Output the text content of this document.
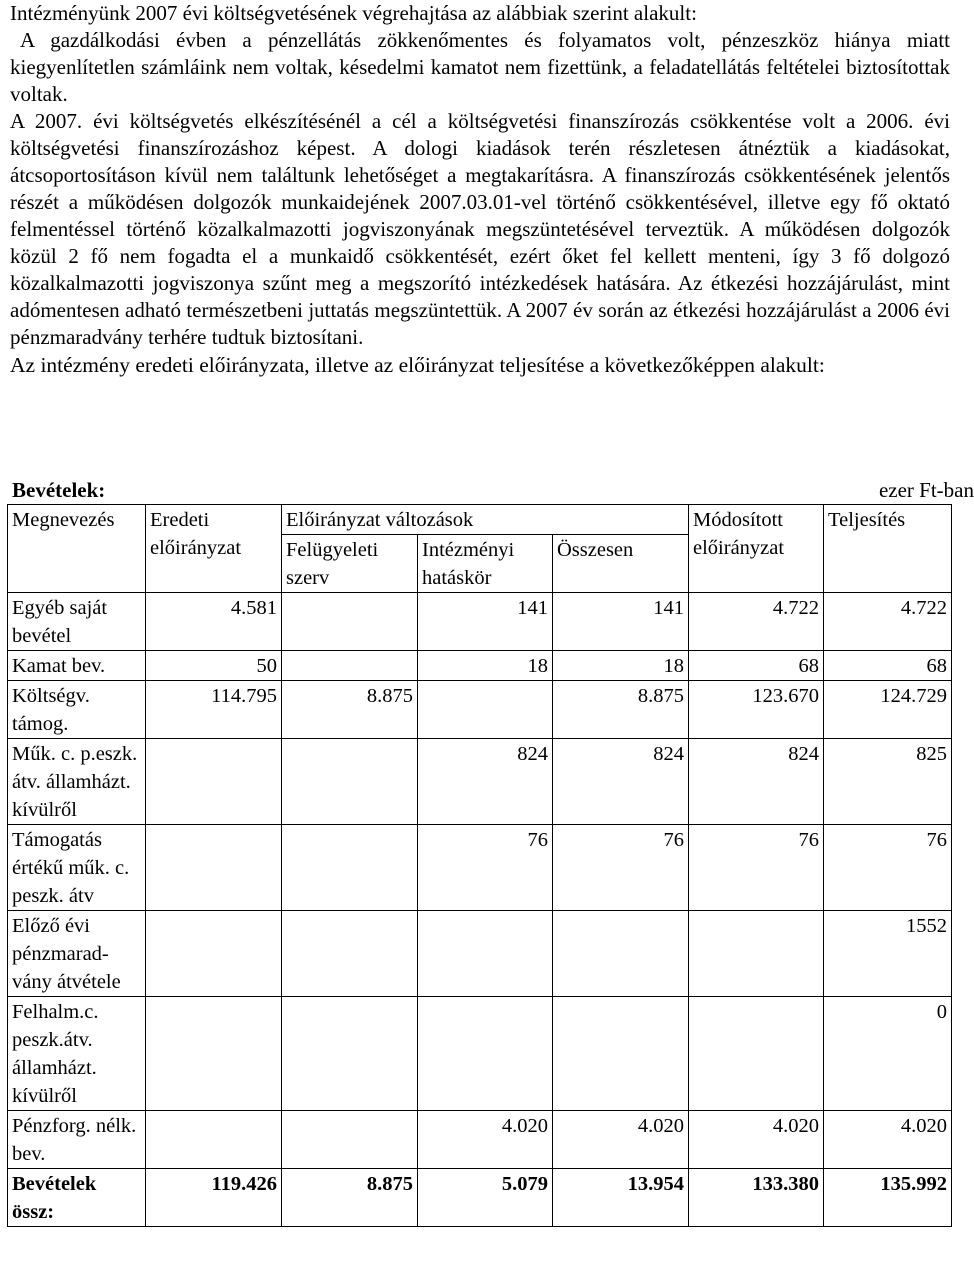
Intézményünk 2007 évi költségvetésének végrehajtása az alábbiak szerint alakult:

A gazdálkodási évben a pénzellátás zökkenőmentes és folyamatos volt, pénzeszköz hiánya miatt kiegyenlítetlen számláink nem voltak, késedelmi kamatot nem fizettünk, a feladatellátás feltételei biztosítottak voltak.

A 2007. évi költségvetés elkészítésénél a cél a költségvetési finanszírozás csökkentése volt a 2006. évi költségvetési finanszírozáshoz képest. A dologi kiadások terén részletesen átnéztük a kiadásokat, átcsoportosításon kívül nem találtunk lehetőséget a megtakarításra. A finanszírozás csökkentésének jelentős részét a működésen dolgozók munkaidejének 2007.03.01-vel történő csökkentésével, illetve egy fő oktató felmentéssel történő közalkalmazotti jogviszonyának megszüntetésével terveztük. A működésen dolgozók közül 2 fő nem fogadta el a munkaidő csökkentését, ezért őket fel kellett menteni, így 3 fő dolgozó közalkalmazotti jogviszonya szűnt meg a megszorító intézkedések hatására. Az étkezési hozzájárulást, mint adómentesen adható természetbeni juttatás megszüntettük. A 2007 év során az étkezési hozzájárulást a 2006 évi pénzmaradvány terhére tudtuk biztosítani.

Az intézmény eredeti előirányzata, illetve az előirányzat teljesítése a következőképpen alakult:

Bevételek:	ezer Ft-ban
Megnevezés	Eredeti előirányzat	Előirányzat változások			Módosított előirányzat	Teljesítés
		Felügyeleti szerv	Intézményi hatáskör	Összesen		
Egyéb saját bevétel	4.581		141	141	4.722	4.722
Kamat bev.	50		18	18	68	68
Költségv. támog.	114.795	8.875		8.875	123.670	124.729
Műk. c. p.eszk. átv. államházt. kívülről			824	824	824	825
Támogatás értékű műk. c. peszk. átv			76	76	76	76
Előző évi pénzmarad-vány átvétele						1552
Felhalm.c. peszk.átv. államházt. kívülről						0
Pénzforg. nélk. bev.			4.020	4.020	4.020	4.020
Bevételek össz:	119.426	8.875	5.079	13.954	133.380	135.992
